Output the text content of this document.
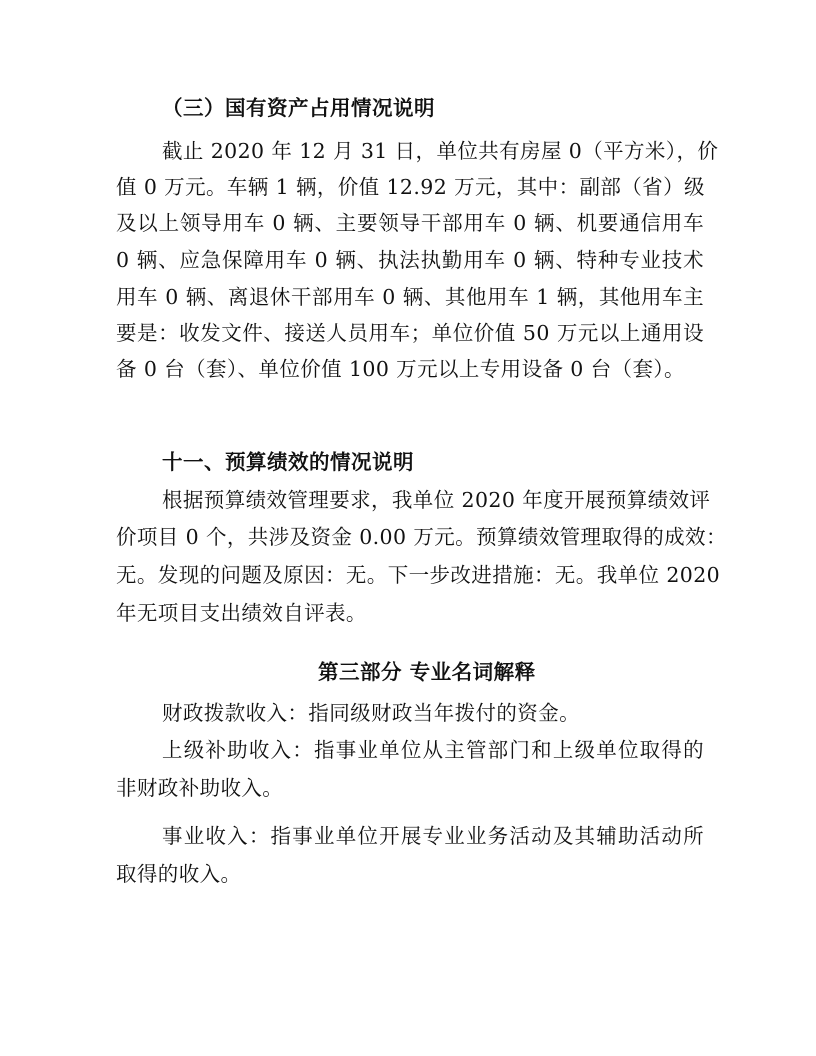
（三）国有资产占用情况说明
截止 2020 年 12 月 31 日，单位共有房屋 0（平方米），价
值 0 万元。车辆 1 辆，价值 12.92 万元，其中：副部（省）级
及以上领导用车 0 辆、主要领导干部用车 0 辆、机要通信用车
0 辆、应急保障用车 0 辆、执法执勤用车 0 辆、特种专业技术
用车 0 辆、离退休干部用车 0 辆、其他用车 1 辆，其他用车主
要是：收发文件、接送人员用车；单位价值 50 万元以上通用设
备 0 台（套）、单位价值 100 万元以上专用设备 0 台（套）。
十一、预算绩效的情况说明
根据预算绩效管理要求，我单位 2020 年度开展预算绩效评
价项目 0 个，共涉及资金 0.00 万元。预算绩效管理取得的成效：
无。发现的问题及原因：无。下一步改进措施：无。我单位 2020
年无项目支出绩效自评表。
第三部分 专业名词解释
财政拨款收入：指同级财政当年拨付的资金。
上级补助收入：指事业单位从主管部门和上级单位取得的
非财政补助收入。
事业收入：指事业单位开展专业业务活动及其辅助活动所
取得的收入。
